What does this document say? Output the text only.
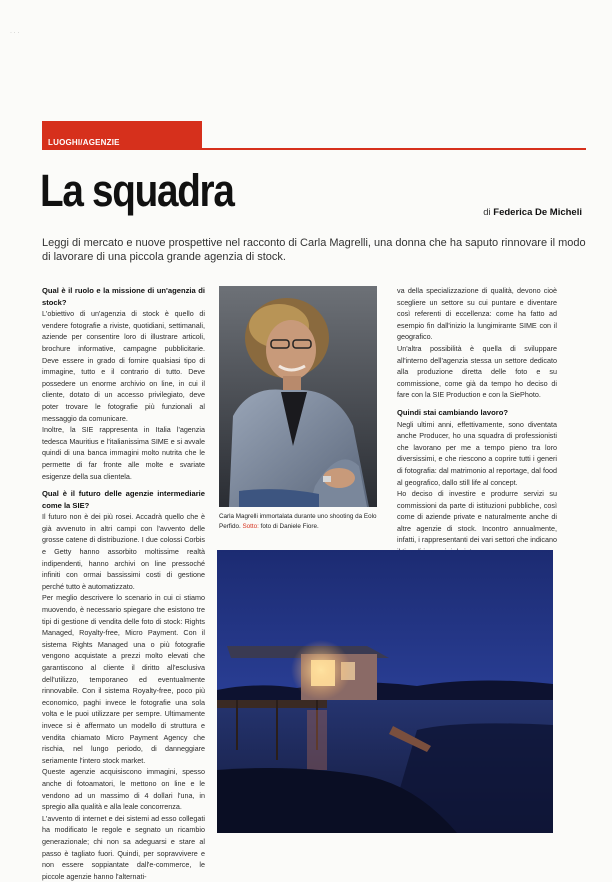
· · ·
LUOGHI/AGENZIE
La squadra	di Federica De Micheli
Leggi di mercato e nuove prospettive nel racconto di Carla Magrelli, una donna che ha saputo rinnovare il modo di lavorare di una piccola grande agenzia di stock.
Qual è il ruolo e la missione di un'agenzia di stock?

L'obiettivo di un'agenzia di stock è quello di vendere fotografie a riviste, quotidiani, settimanali, aziende per consentire loro di illustrare articoli, brochure informative, campagne pubblicitarie. Deve essere in grado di fornire qualsiasi tipo di immagine, tutto e il contrario di tutto. Deve possedere un enorme archivio on line, in cui il cliente, dotato di un accesso privilegiato, deve poter trovare le fotografie più funzionali al messaggio da comunicare.

Inoltre, la SIE rappresenta in Italia l'agenzia tedesca Mauritius e l'italianissima SIME e si avvale quindi di una banca immagini molto nutrita che le permette di far fronte alle molte e svariate esigenze della sua clientela.

Qual è il futuro delle agenzie intermediarie come la SIE?

Il futuro non è dei più rosei. Accadrà quello che è già avvenuto in altri campi con l'avvento delle grosse catene di distribuzione. I due colossi Corbis e Getty hanno assorbito moltissime realtà indipendenti, hanno archivi on line pressoché infiniti con ormai bassissimi costi di gestione perché tutto è automatizzato.

Per meglio descrivere lo scenario in cui ci stiamo muovendo, è necessario spiegare che esistono tre tipi di gestione di vendita delle foto di stock: Rights Managed, Royalty-free, Micro Payment. Con il sistema Rights Managed una o più fotografie vengono acquistate a prezzi molto elevati che garantiscono al cliente il diritto all'esclusiva dell'utilizzo, temporaneo ed eventualmente rinnovabile. Con il sistema Royalty-free, poco più economico, paghi invece le fotografie una sola volta e le puoi utilizzare per sempre. Ultimamente invece si è affermato un modello di struttura e vendita chiamato Micro Payment Agency che rischia, nel lungo periodo, di danneggiare seriamente l'intero stock market.

Queste agenzie acquisiscono immagini, spesso anche di fotoamatori, le mettono on line e le vendono ad un massimo di 4 dollari l'una, in spregio alla qualità e alla leale concorrenza.

L'avvento di internet e dei sistemi ad esso collegati ha modificato le regole e segnato un ricambio generazionale; chi non sa adeguarsi e stare al passo è tagliato fuori. Quindi, per sopravvivere e non essere soppiantate dall'e-commerce, le piccole agenzie hanno l'alternati-

Carla Magrelli immortalata durante uno shooting da Eolo Perfido. Sotto: foto di Daniele Fiore.

va della specializzazione di qualità, devono cioè scegliere un settore su cui puntare e diventare così referenti di eccellenza: come ha fatto ad esempio fin dall'inizio la lungimirante SIME con il geografico.

Un'altra possibilità è quella di sviluppare all'interno dell'agenzia stessa un settore dedicato alla produzione diretta delle foto e su commissione, come già da tempo ho deciso di fare con la SIE Production e con la SiePhoto.

Quindi stai cambiando lavoro?

Negli ultimi anni, effettivamente, sono diventata anche Producer, ho una squadra di professionisti che lavorano per me a tempo pieno tra loro diversissimi, e che riescono a coprire tutti i generi di fotografia: dal matrimonio al reportage, dal food al geografico, dallo still life al concept.

Ho deciso di investire e produrre servizi su commissioni da parte di istituzioni pubbliche, così come di aziende private e naturalmente anche di altre agenzie di stock. Incontro annualmente, infatti, i rappresentanti dei vari settori che indicano
